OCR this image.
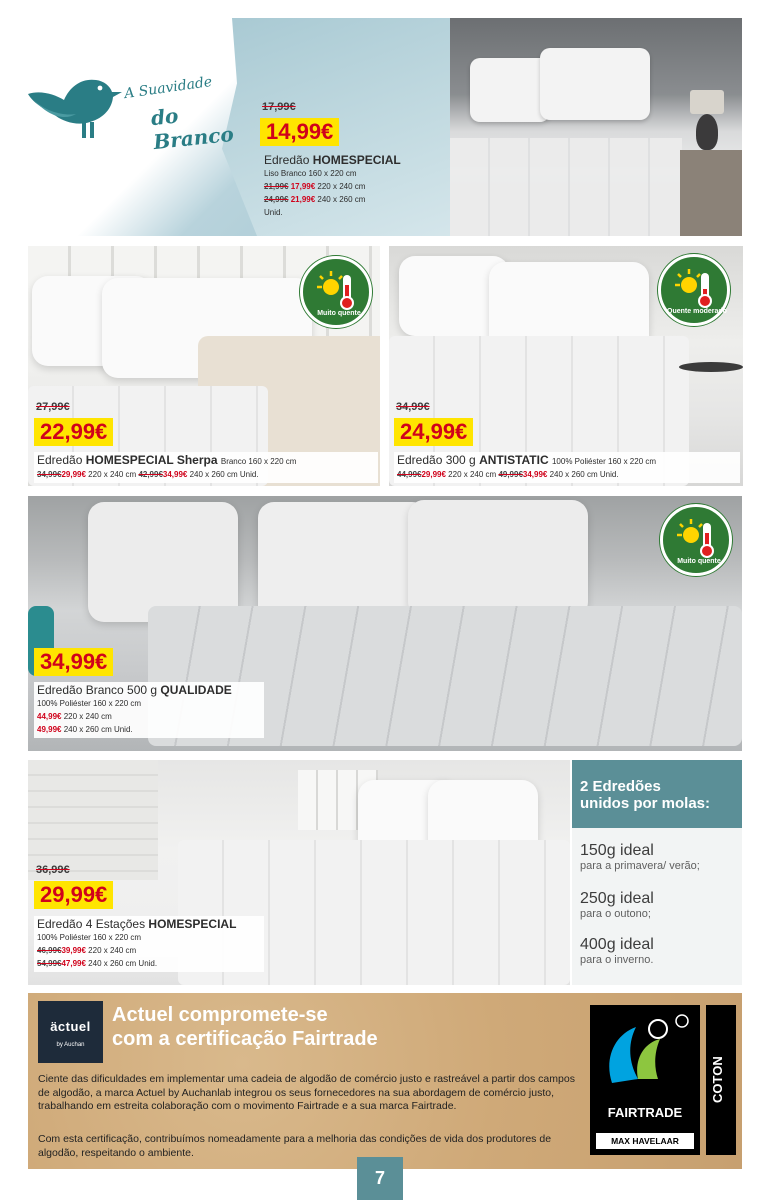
A Suavidade
do Branco
17,99€
14,99€
Edredão HOMESPECIAL
Liso Branco 160 x 220 cm
21,99€ 17,99€ 220 x 240 cm
24,99€ 21,99€ 240 x 260 cm
Unid.
Muito quente
27,99€
22,99€
Edredão HOMESPECIAL Sherpa Branco 160 x 220 cm
34,99€29,99€ 220 x 240 cm 42,99€34,99€ 240 x 260 cm Unid.
Quente moderado
34,99€
24,99€
Edredão 300 g ANTISTATIC 100% Poliéster 160 x 220 cm
44,99€29,99€ 220 x 240 cm 49,99€34,99€ 240 x 260 cm Unid.
Muito quente
34,99€
Edredão Branco 500 g QUALIDADE
100% Poliéster 160 x 220 cm
44,99€ 220 x 240 cm
49,99€ 240 x 260 cm Unid.
36,99€
29,99€
Edredão 4 Estações HOMESPECIAL
100% Poliéster 160 x 220 cm
46,99€39,99€ 220 x 240 cm
54,99€47,99€ 240 x 260 cm Unid.
2 Edredões
unidos por molas:
150g ideal
para a primavera/ verão;
250g ideal
para o outono;
400g ideal
para o inverno.
äctuel
by Auchan
Actuel compromete-se
com a certificação Fairtrade
Ciente das dificuldades em implementar uma cadeia de algodão de comércio justo e rastreável a partir dos campos de algodão, a marca Actuel by Auchanlab integrou os seus fornecedores na sua abordagem de comércio justo, trabalhando em estreita colaboração com o movimento Fairtrade e a sua marca Fairtrade.
Com esta certificação, contribuímos nomeadamente para a melhoria das condições de vida dos produtores de algodão, respeitando o ambiente.
FAIRTRADE
MAX HAVELAAR
COTON
7
